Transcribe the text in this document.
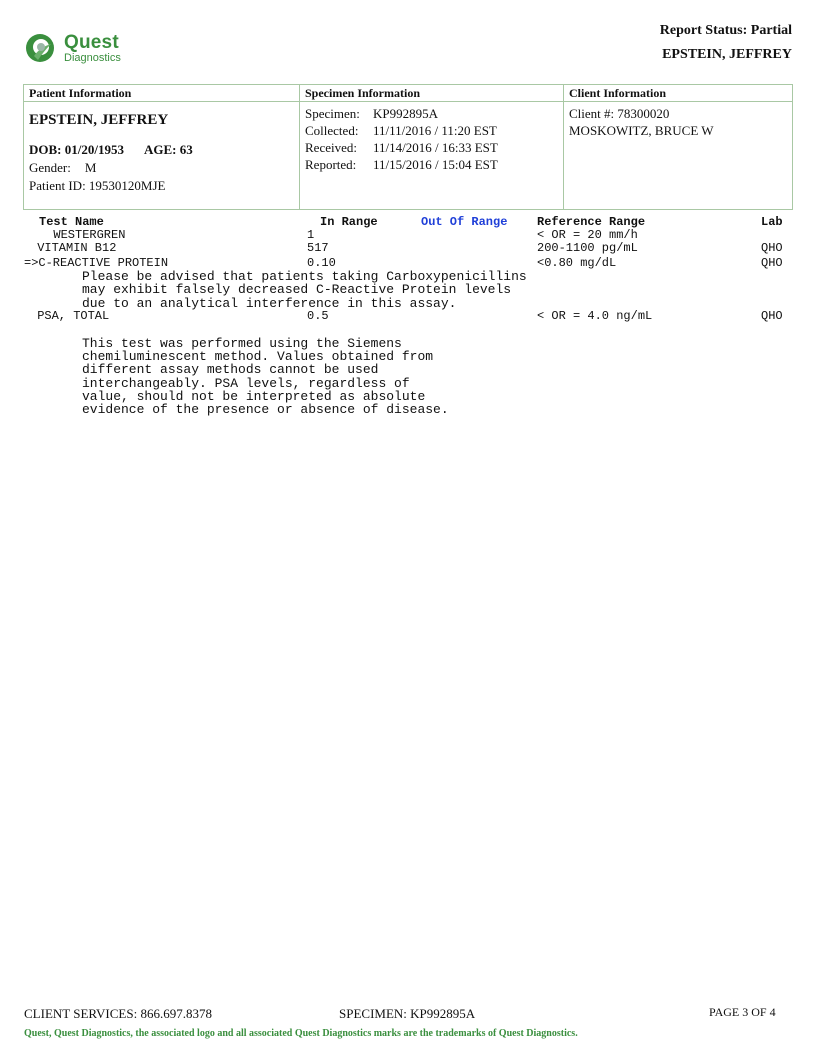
Quest
Diagnostics
Report Status: Partial
EPSTEIN, JEFFREY
Patient Information
EPSTEIN, JEFFREY
DOB: 01/20/1953 AGE: 63
Gender: M
Patient ID: 19530120MJE
Specimen Information
Specimen: KP992895A
Collected: 11/11/2016 / 11:20 EST
Received: 11/14/2016 / 16:33 EST
Reported: 11/15/2016 / 15:04 EST
Client Information
Client #: 78300020
MOSKOWITZ, BRUCE W
Test Name	In Range	Out Of Range Reference Range	Lab
WESTERGREN	1	< OR = 20 mm/h
VITAMIN B12	517	200-1100 pg/mL	QHO
=>C-REACTIVE PROTEIN	0.10	<0.80 mg/dL	QHO
Please be advised that patients taking Carboxypenicillins
may exhibit falsely decreased C-Reactive Protein levels
due to an analytical interference in this assay.
PSA, TOTAL	0.5	< OR = 4.0 ng/mL	QHO
This test was performed using the Siemens
chemiluminescent method. Values obtained from
different assay methods cannot be used
interchangeably. PSA levels, regardless of
value, should not be interpreted as absolute
evidence of the presence or absence of disease.
CLIENT SERVICES: 866.697.8378	SPECIMEN: KP992895A	PAGE 3 OF 4
Quest, Quest Diagnostics, the associated logo and all associated Quest Diagnostics marks are the trademarks of Quest Diagnostics.
